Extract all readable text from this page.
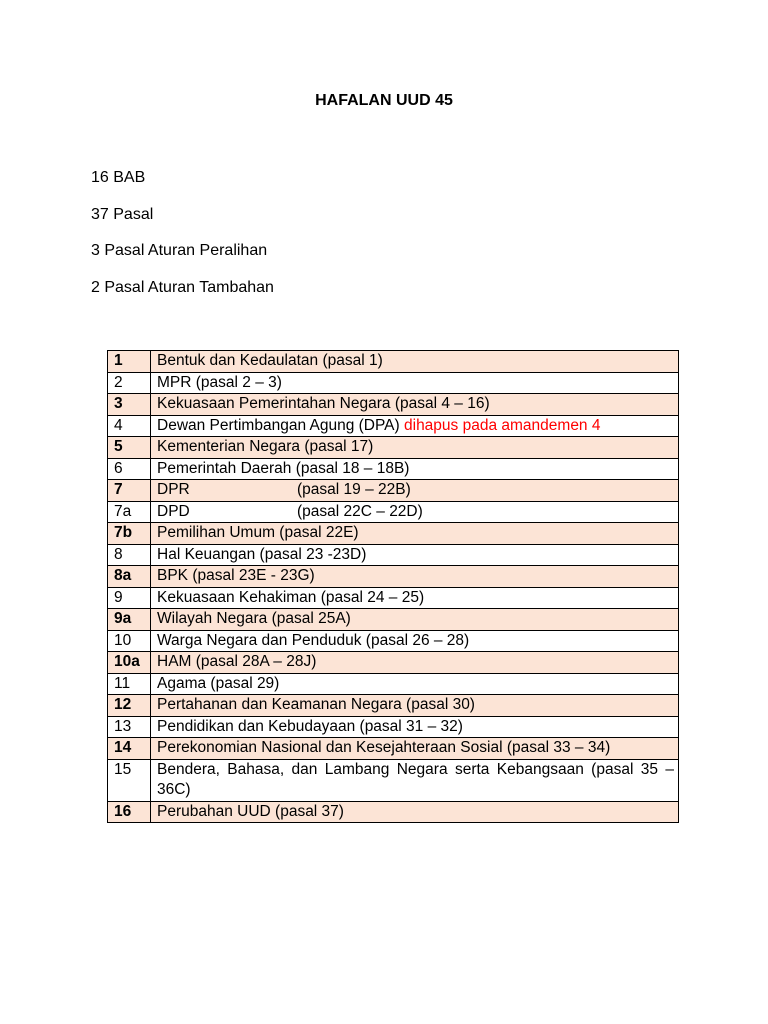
HAFALAN UUD 45
16 BAB
37 Pasal
3 Pasal Aturan Peralihan
2 Pasal Aturan Tambahan
1	Bentuk dan Kedaulatan (pasal 1)
2	MPR (pasal 2 – 3)
3	Kekuasaan Pemerintahan Negara (pasal 4 – 16)
4	Dewan Pertimbangan Agung (DPA) dihapus pada amandemen 4
5	Kementerian Negara (pasal 17)
6	Pemerintah Daerah (pasal 18 – 18B)
7	DPR (pasal 19 – 22B)
7a	DPD (pasal 22C – 22D)
7b	Pemilihan Umum (pasal 22E)
8	Hal Keuangan (pasal 23 -23D)
8a	BPK (pasal 23E - 23G)
9	Kekuasaan Kehakiman (pasal 24 – 25)
9a	Wilayah Negara (pasal 25A)
10	Warga Negara dan Penduduk (pasal 26 – 28)
10a	HAM (pasal 28A – 28J)
11	Agama (pasal 29)
12	Pertahanan dan Keamanan Negara (pasal 30)
13	Pendidikan dan Kebudayaan (pasal 31 – 32)
14	Perekonomian Nasional dan Kesejahteraan Sosial (pasal 33 – 34)
15	Bendera, Bahasa, dan Lambang Negara serta Kebangsaan (pasal 35 – 36C)
16	Perubahan UUD (pasal 37)
